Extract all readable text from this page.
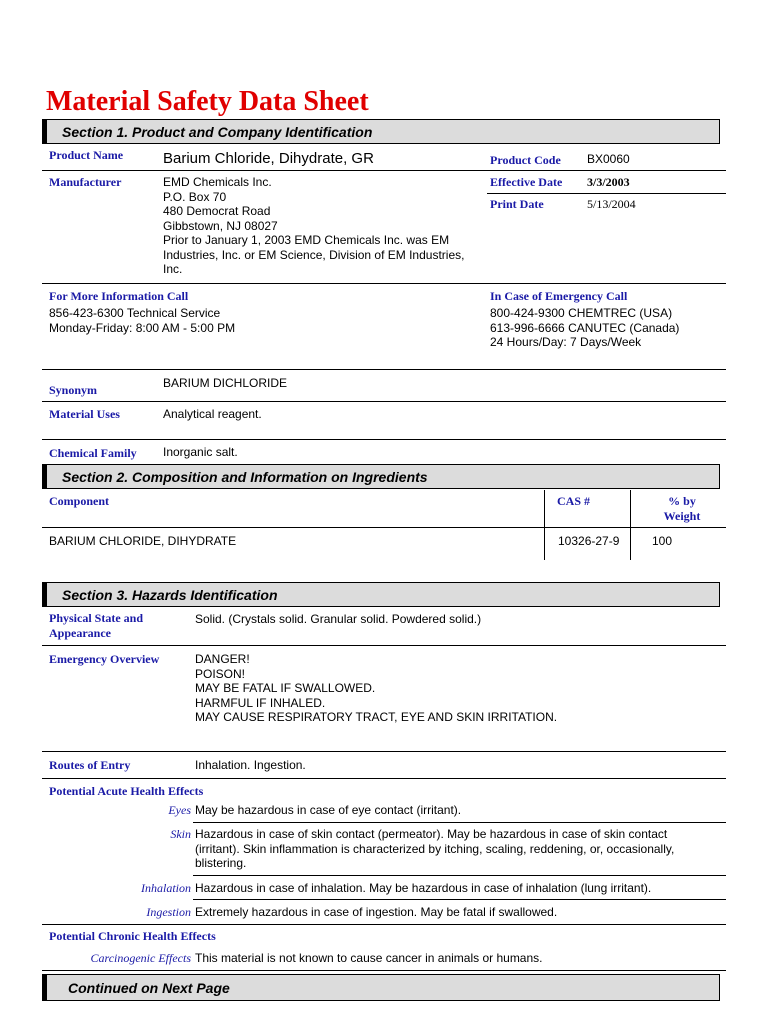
Material Safety Data Sheet
Section 1. Product and Company Identification
Product Name	Barium Chloride, Dihydrate, GR	Product Code BX0060
Manufacturer	EMD Chemicals Inc.
P.O. Box 70
480 Democrat Road
Gibbstown, NJ 08027
Prior to January 1, 2003 EMD Chemicals Inc. was EM
Industries, Inc. or EM Science, Division of EM Industries,
Inc.
Effective Date 3/3/2003
Print Date	5/13/2004
For More Information Call
856-423-6300 Technical Service
Monday-Friday: 8:00 AM - 5:00 PM
In Case of Emergency Call
800-424-9300 CHEMTREC (USA)
613-996-6666 CANUTEC (Canada)
24 Hours/Day: 7 Days/Week
Synonym	BARIUM DICHLORIDE
Material Uses	Analytical reagent.
Chemical Family Inorganic salt.
Section 2. Composition and Information on Ingredients
Component	CAS #	% by
Weight
BARIUM CHLORIDE, DIHYDRATE	10326-27-9	100
Section 3. Hazards Identification
Physical State and
Appearance
Solid. (Crystals solid. Granular solid. Powdered solid.)
Emergency Overview	DANGER!
POISON!
MAY BE FATAL IF SWALLOWED.
HARMFUL IF INHALED.
MAY CAUSE RESPIRATORY TRACT, EYE AND SKIN IRRITATION.
Routes of Entry	Inhalation. Ingestion.
Potential Acute Health Effects
Eyes May be hazardous in case of eye contact (irritant).
Skin Hazardous in case of skin contact (permeator). May be hazardous in case of skin contact
(irritant). Skin inflammation is characterized by itching, scaling, reddening, or, occasionally,
blistering.
Inhalation Hazardous in case of inhalation. May be hazardous in case of inhalation (lung irritant).
Ingestion Extremely hazardous in case of ingestion. May be fatal if swallowed.
Potential Chronic Health Effects
Carcinogenic Effects This material is not known to cause cancer in animals or humans.
Continued on Next Page
